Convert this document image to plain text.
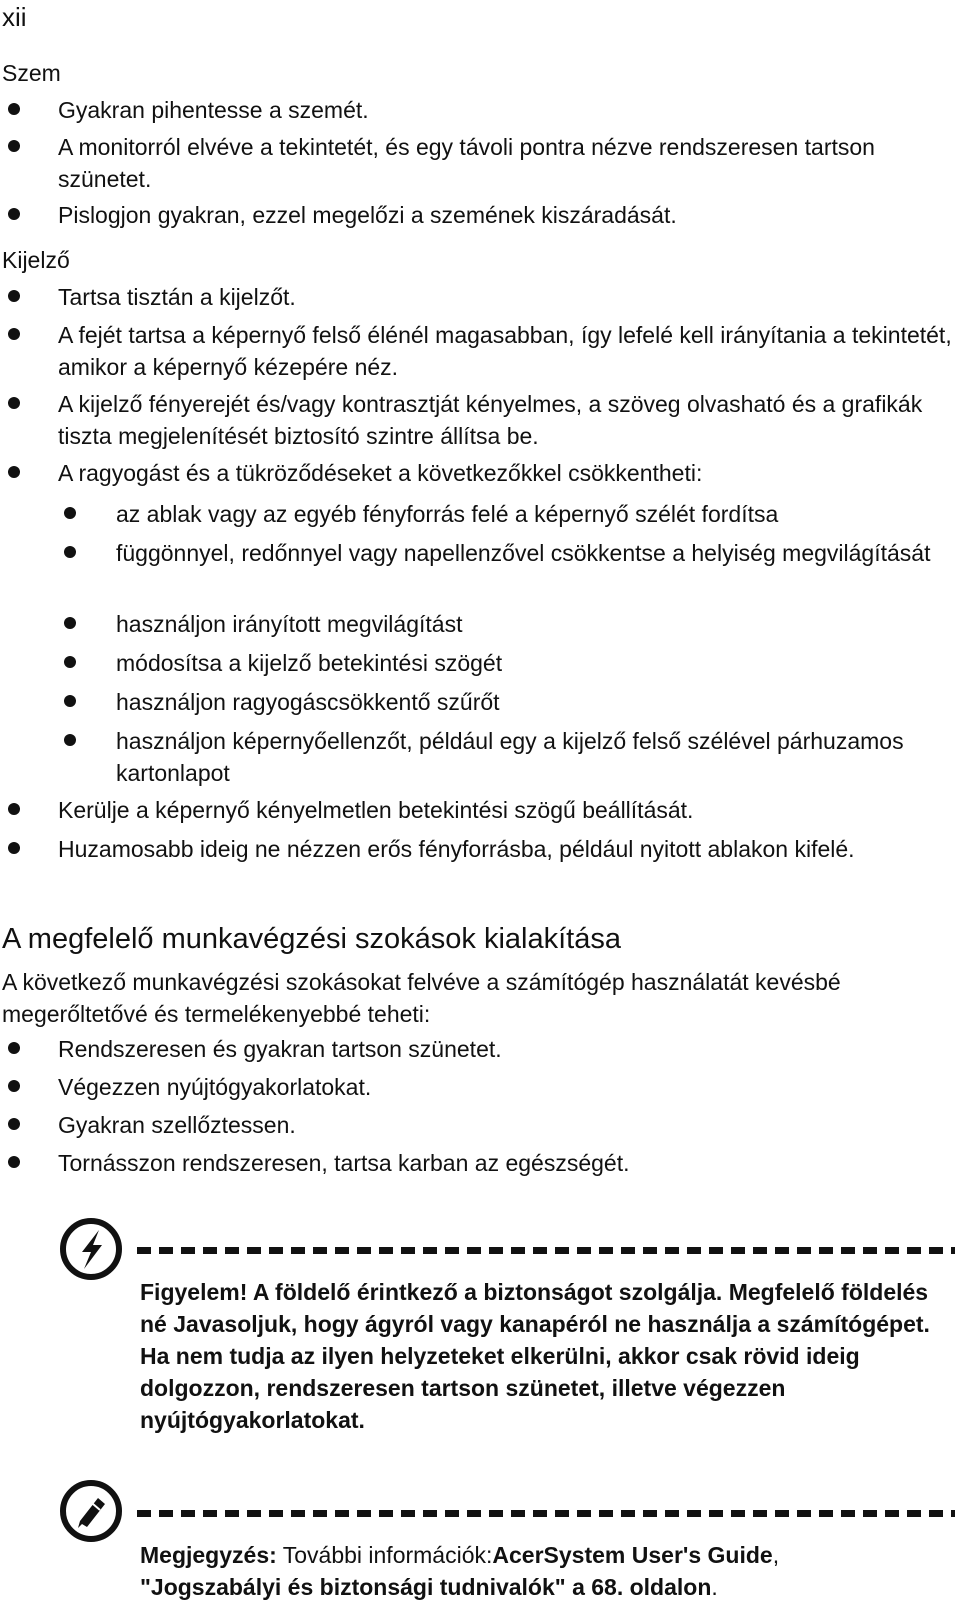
xii
Szem
Gyakran pihentesse a szemét.
A monitorról elvéve a tekintetét, és egy távoli pontra nézve rendszeresen tartson szünetet.
Pislogjon gyakran, ezzel megelőzi a szemének kiszáradását.
Kijelző
Tartsa tisztán a kijelzőt.
A fejét tartsa a képernyő felső élénél magasabban, így lefelé kell irányítania a tekintetét, amikor a képernyő kézepére néz.
A kijelző fényerejét és/vagy kontrasztját kényelmes, a szöveg olvasható és a grafikák tiszta megjelenítését biztosító szintre állítsa be.
A ragyogást és a tükröződéseket a következőkkel csökkentheti:
az ablak vagy az egyéb fényforrás felé a képernyő szélét fordítsa
függönnyel, redőnnyel vagy napellenzővel csökkentse a helyiség megvilágítását
használjon irányított megvilágítást
módosítsa a kijelző betekintési szögét
használjon ragyogáscsökkentő szűrőt
használjon képernyőellenzőt, például egy a kijelző felső szélével párhuzamos kartonlapot
Kerülje a képernyő kényelmetlen betekintési szögű beállítását.
Huzamosabb ideig ne nézzen erős fényforrásba, például nyitott ablakon kifelé.
A megfelelő munkavégzési szokások kialakítása
A következő munkavégzési szokásokat felvéve a számítógép használatát kevésbé megerőltetővé és termelékenyebbé teheti:
Rendszeresen és gyakran tartson szünetet.
Végezzen nyújtógyakorlatokat.
Gyakran szellőztessen.
Tornásszon rendszeresen, tartsa karban az egészségét.
Figyelem! A földelő érintkező a biztonságot szolgálja. Megfelelő földelés né Javasoljuk, hogy ágyról vagy kanapéról ne használja a számítógépet. Ha nem tudja az ilyen helyzeteket elkerülni, akkor csak rövid ideig dolgozzon, rendszeresen tartson szünetet, illetve végezzen nyújtógyakorlatokat.
Megjegyzés: További információk:AcerSystem User's Guide,
"Jogszabályi és biztonsági tudnivalók" a 68. oldalon.
